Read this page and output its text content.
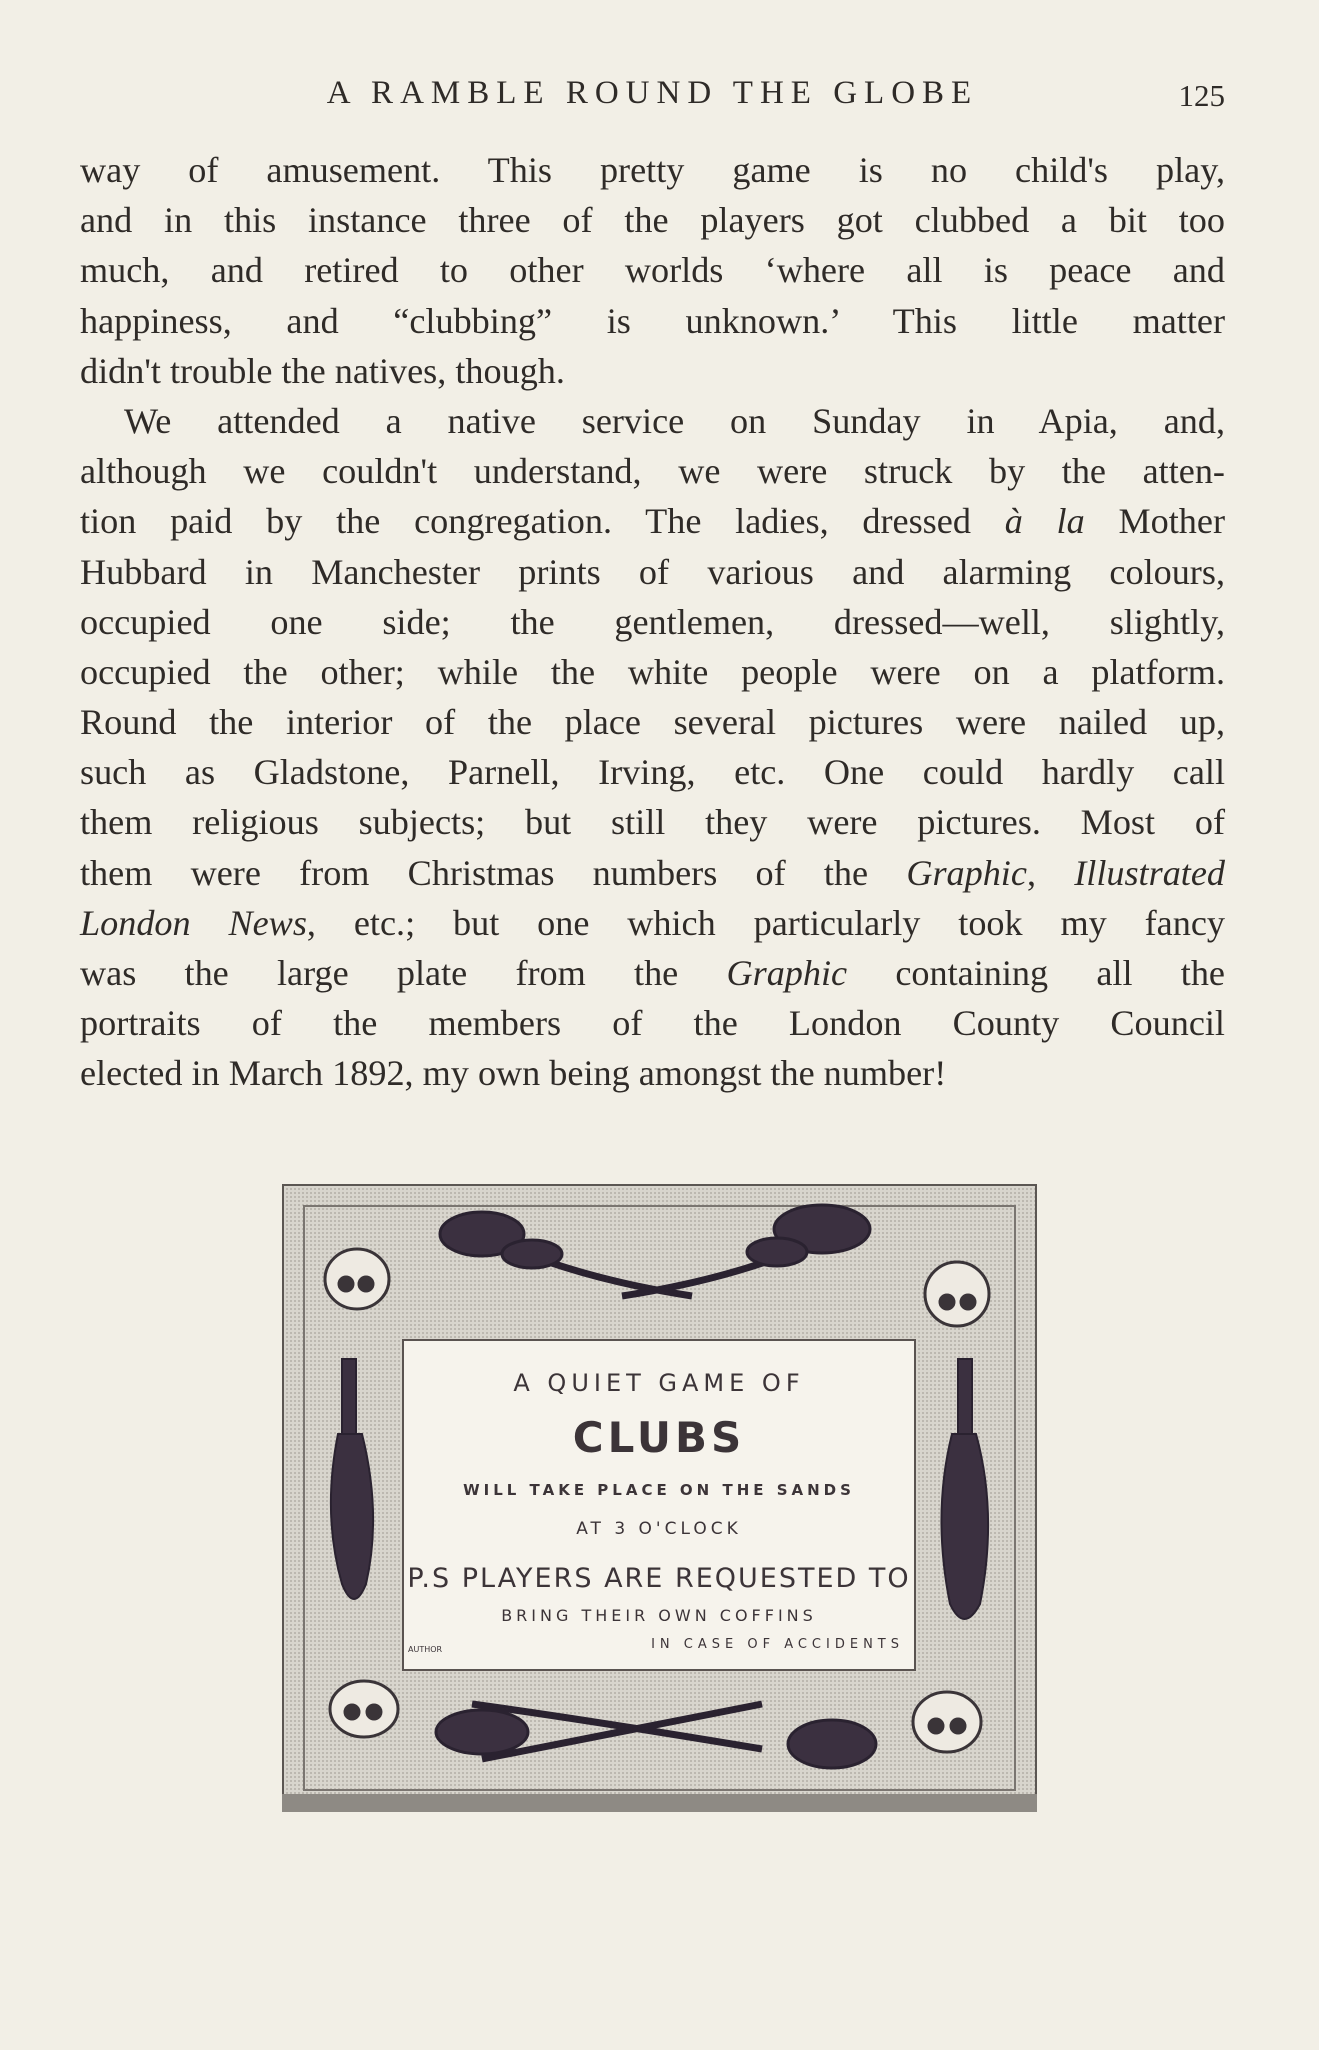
A RAMBLE ROUND THE GLOBE	125
way of amusement. This pretty game is no child's play,
and in this instance three of the players got clubbed a bit too
much, and retired to other worlds ‘where all is peace and
happiness, and “clubbing” is unknown.’ This little matter
didn't trouble the natives, though.
We attended a native service on Sunday in Apia, and,
although we couldn't understand, we were struck by the atten-
tion paid by the congregation. The ladies, dressed à la Mother
Hubbard in Manchester prints of various and alarming colours,
occupied one side; the gentlemen, dressed—well, slightly,
occupied the other; while the white people were on a platform.
Round the interior of the place several pictures were nailed up,
such as Gladstone, Parnell, Irving, etc. One could hardly call
them religious subjects; but still they were pictures. Most of
them were from Christmas numbers of the Graphic, Illustrated
London News, etc.; but one which particularly took my fancy
was the large plate from the Graphic containing all the
portraits of the members of the London County Council
elected in March 1892, my own being amongst the number!
A QUIET GAME OF
CLUBS
WILL TAKE PLACE ON THE SANDS
AT 3 O'CLOCK
P.S PLAYERS ARE REQUESTED TO
BRING THEIR OWN COFFINS
IN CASE OF ACCIDENTS
AUTHOR
